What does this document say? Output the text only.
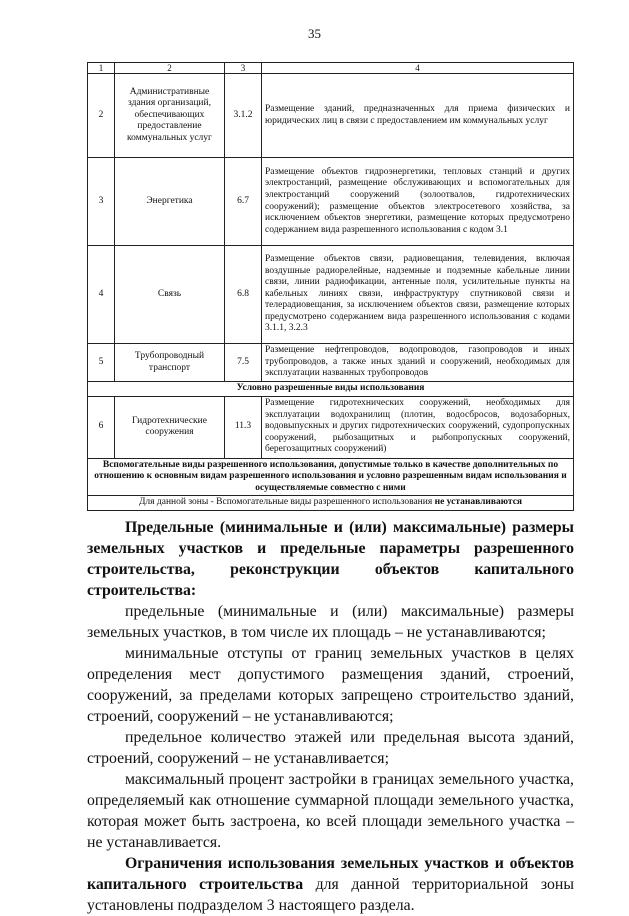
35
1	2	3	4
2	Административные здания организаций, обеспечивающих предоставление коммунальных услуг	3.1.2	Размещение зданий, предназначенных для приема физических и юридических лиц в связи с предоставлением им коммунальных услуг
3	Энергетика	6.7	Размещение объектов гидроэнергетики, тепловых станций и других электростанций, размещение обслуживающих и вспомогательных для электростанций сооружений (золоотвалов, гидротехнических сооружений); размещение объектов электросетевого хозяйства, за исключением объектов энергетики, размещение которых предусмотрено содержанием вида разрешенного использования с кодом 3.1
4	Связь	6.8	Размещение объектов связи, радиовещания, телевидения, включая воздушные радиорелейные, надземные и подземные кабельные линии связи, линии радиофикации, антенные поля, усилительные пункты на кабельных линиях связи, инфраструктуру спутниковой связи и телерадиовещания, за исключением объектов связи, размещение которых предусмотрено содержанием вида разрешенного использования с кодами 3.1.1, 3.2.3
5	Трубопроводный транспорт	7.5	Размещение нефтепроводов, водопроводов, газопроводов и иных трубопроводов, а также иных зданий и сооружений, необходимых для эксплуатации названных трубопроводов
Условно разрешенные виды использования			
6	Гидротехнические сооружения	11.3	Размещение гидротехнических сооружений, необходимых для эксплуатации водохранилищ (плотин, водосбросов, водозаборных, водовыпускных и других гидротехнических сооружений, судопропускных сооружений, рыбозащитных и рыбопропускных сооружений, берегозащитных сооружений)
Вспомогательные виды разрешенного использования, допустимые только в качестве дополнительных по отношению к основным видам разрешенного использования и условно разрешенным видам использования и осуществляемые совместно с ними			
Для данной зоны - Вспомогательные виды разрешенного использования не устанавливаются			

Предельные (минимальные и (или) максимальные) размеры земельных участков и предельные параметры разрешенного строительства, реконструкции объектов капитального строительства:

предельные (минимальные и (или) максимальные) размеры земельных участков, в том числе их площадь – не устанавливаются;

минимальные отступы от границ земельных участков в целях определения мест допустимого размещения зданий, строений, сооружений, за пределами которых запрещено строительство зданий, строений, сооружений – не устанавливаются;

предельное количество этажей или предельная высота зданий, строений, сооружений – не устанавливается;

максимальный процент застройки в границах земельного участка, определяемый как отношение суммарной площади земельного участка, которая может быть застроена, ко всей площади земельного участка – не устанавливается.

Ограничения использования земельных участков и объектов капитального строительства для данной территориальной зоны установлены подразделом 3 настоящего раздела.
